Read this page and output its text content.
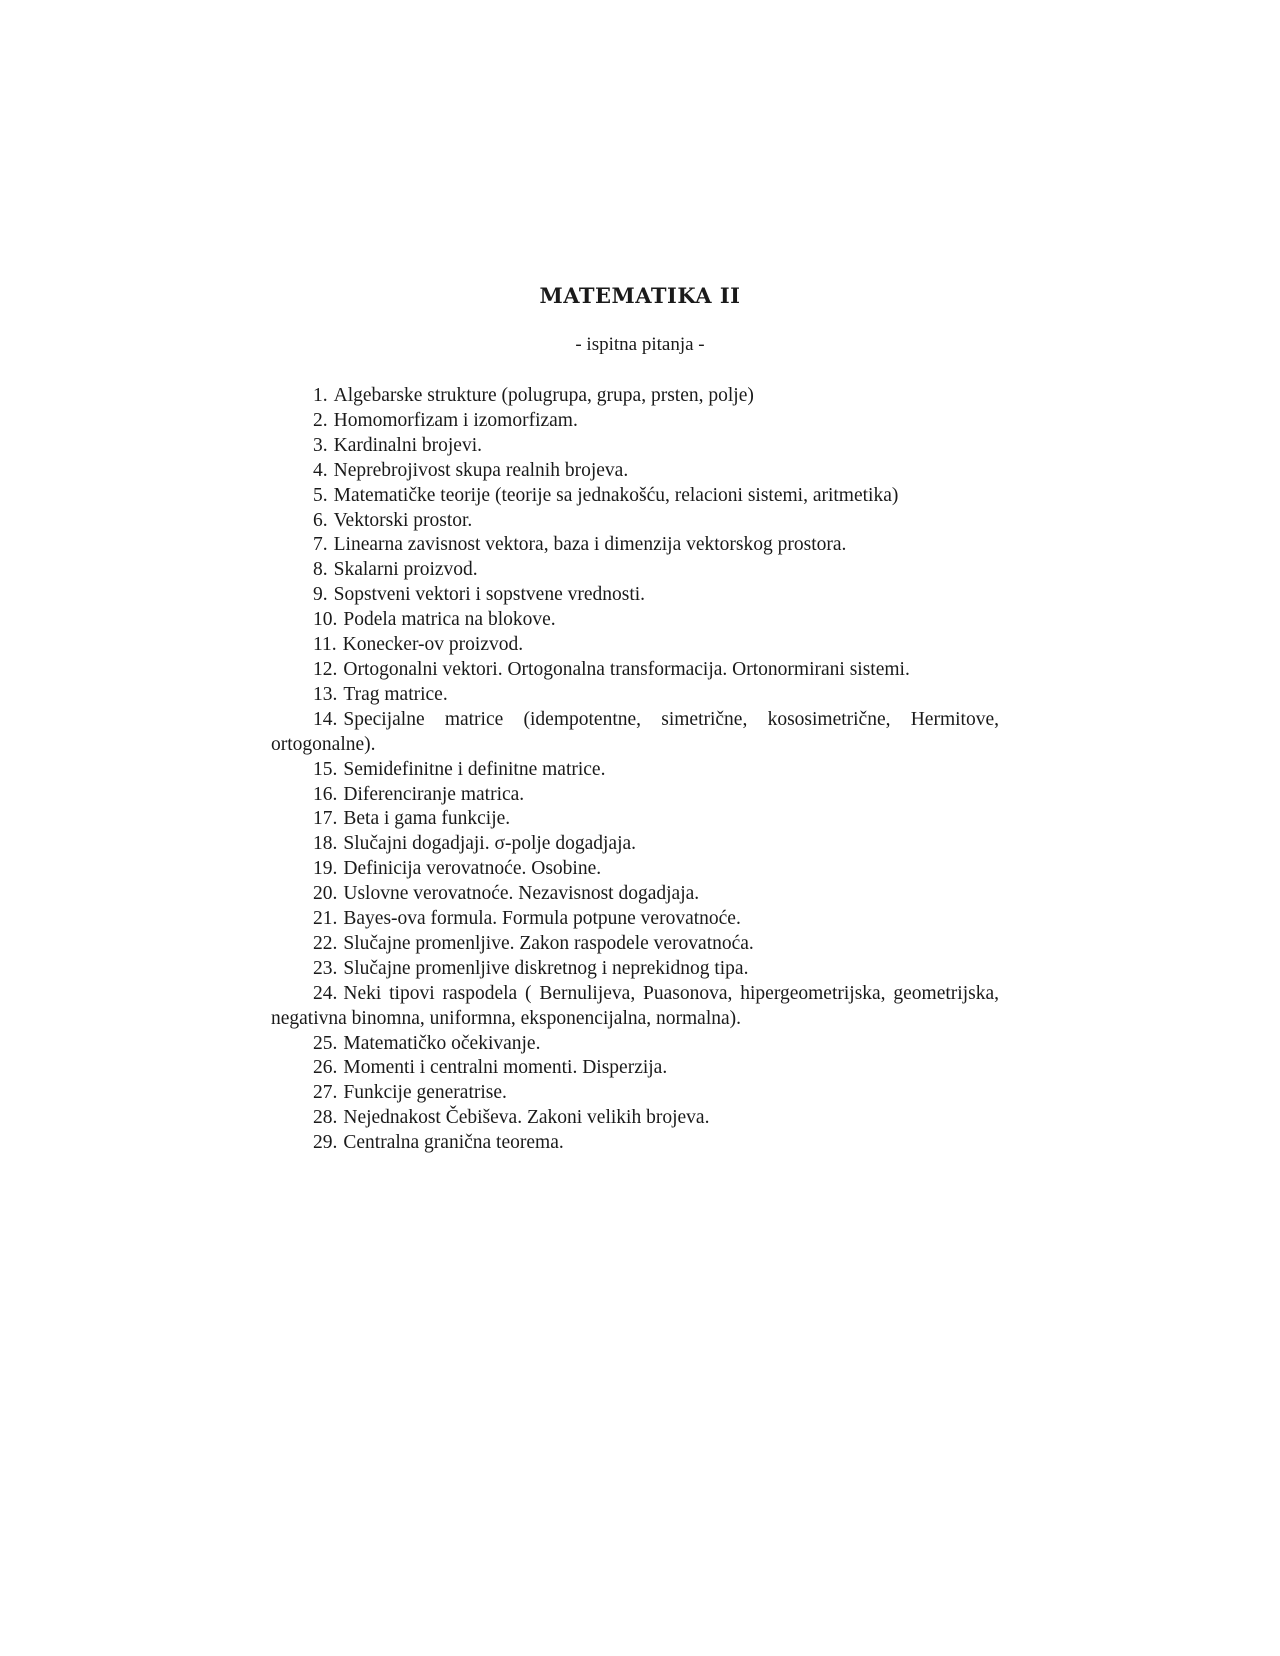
MATEMATIKA II

- ispitna pitanja -

1. Algebarske strukture (polugrupa, grupa, prsten, polje)
2. Homomorfizam i izomorfizam.
3. Kardinalni brojevi.
4. Neprebrojivost skupa realnih brojeva.
5. Matematičke teorije (teorije sa jednakošću, relacioni sistemi, aritmetika)
6. Vektorski prostor.
7. Linearna zavisnost vektora, baza i dimenzija vektorskog prostora.
8. Skalarni proizvod.
9. Sopstveni vektori i sopstvene vrednosti.
10. Podela matrica na blokove.
11. Konecker-ov proizvod.
12. Ortogonalni vektori. Ortogonalna transformacija. Ortonormirani sistemi.
13. Trag matrice.
14. Specijalne matrice (idempotentne, simetrične, kososimetrične, Hermitove, ortogonalne).
15. Semidefinitne i definitne matrice.
16. Diferenciranje matrica.
17. Beta i gama funkcije.
18. Slučajni dogadjaji. σ-polje dogadjaja.
19. Definicija verovatnoće. Osobine.
20. Uslovne verovatnoće. Nezavisnost dogadjaja.
21. Bayes-ova formula. Formula potpune verovatnoće.
22. Slučajne promenljive. Zakon raspodele verovatnoća.
23. Slučajne promenljive diskretnog i neprekidnog tipa.
24. Neki tipovi raspodela ( Bernulijeva, Puasonova, hipergeometrijska, geometrijska, negativna binomna, uniformna, eksponencijalna, normalna).
25. Matematičko očekivanje.
26. Momenti i centralni momenti. Disperzija.
27. Funkcije generatrise.
28. Nejednakost Čebiševa. Zakoni velikih brojeva.
29. Centralna granična teorema.
